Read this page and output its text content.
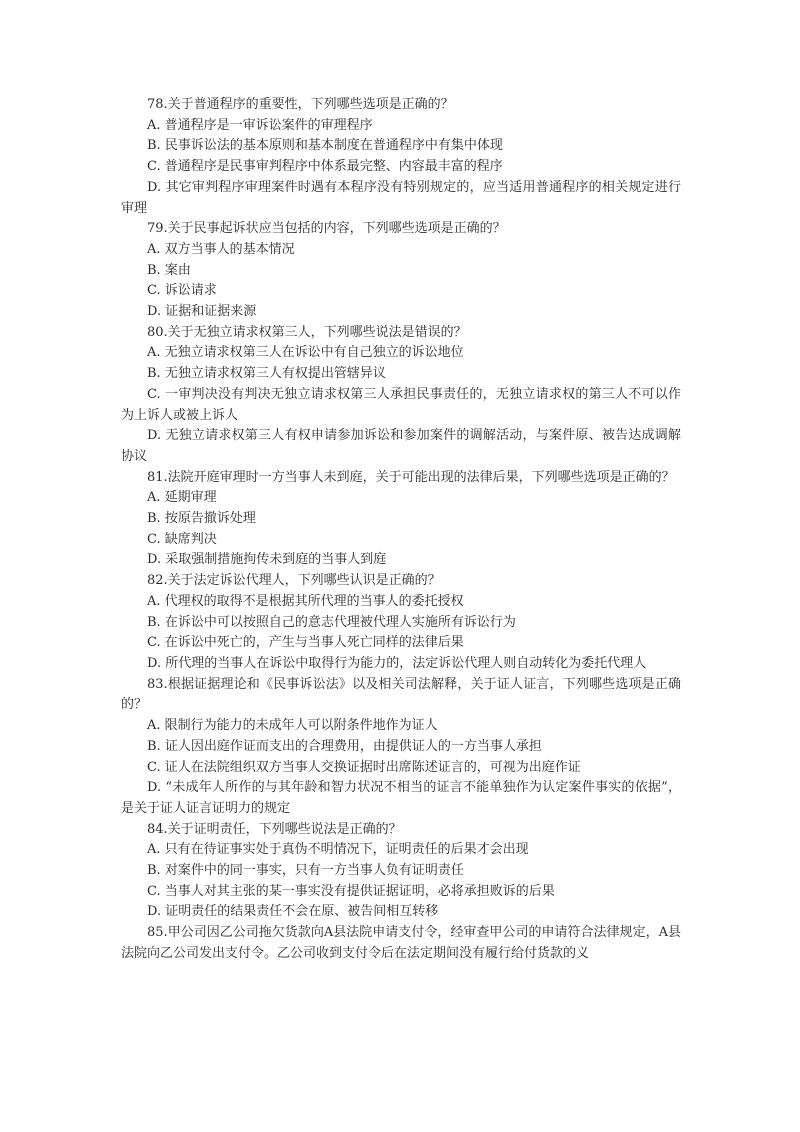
78.关于普通程序的重要性，下列哪些选项是正确的？

A. 普通程序是一审诉讼案件的审理程序

B. 民事诉讼法的基本原则和基本制度在普通程序中有集中体现

C. 普通程序是民事审判程序中体系最完整、内容最丰富的程序

D. 其它审判程序审理案件时遇有本程序没有特别规定的，应当适用普通程序的相关规定进行审理

79.关于民事起诉状应当包括的内容，下列哪些选项是正确的？

A. 双方当事人的基本情况

B. 案由

C. 诉讼请求

D. 证据和证据来源

80.关于无独立请求权第三人，下列哪些说法是错误的？

A. 无独立请求权第三人在诉讼中有自己独立的诉讼地位

B. 无独立请求权第三人有权提出管辖异议

C. 一审判决没有判决无独立请求权第三人承担民事责任的，无独立请求权的第三人不可以作为上诉人或被上诉人

D. 无独立请求权第三人有权申请参加诉讼和参加案件的调解活动，与案件原、被告达成调解协议

81.法院开庭审理时一方当事人未到庭，关于可能出现的法律后果，下列哪些选项是正确的？

A. 延期审理

B. 按原告撤诉处理

C. 缺席判决

D. 采取强制措施拘传未到庭的当事人到庭

82.关于法定诉讼代理人，下列哪些认识是正确的？

A. 代理权的取得不是根据其所代理的当事人的委托授权

B. 在诉讼中可以按照自己的意志代理被代理人实施所有诉讼行为

C. 在诉讼中死亡的，产生与当事人死亡同样的法律后果

D. 所代理的当事人在诉讼中取得行为能力的，法定诉讼代理人则自动转化为委托代理人

83.根据证据理论和《民事诉讼法》以及相关司法解释，关于证人证言，下列哪些选项是正确的？

A. 限制行为能力的未成年人可以附条件地作为证人

B. 证人因出庭作证而支出的合理费用，由提供证人的一方当事人承担

C. 证人在法院组织双方当事人交换证据时出席陈述证言的，可视为出庭作证

D. “未成年人所作的与其年龄和智力状况不相当的证言不能单独作为认定案件事实的依据”，是关于证人证言证明力的规定

84.关于证明责任，下列哪些说法是正确的？

A. 只有在待证事实处于真伪不明情况下，证明责任的后果才会出现

B. 对案件中的同一事实，只有一方当事人负有证明责任

C. 当事人对其主张的某一事实没有提供证据证明，必将承担败诉的后果

D. 证明责任的结果责任不会在原、被告间相互转移

85.甲公司因乙公司拖欠货款向A县法院申请支付令，经审查甲公司的申请符合法律规定，A县法院向乙公司发出支付令。乙公司收到支付令后在法定期间没有履行给付货款的义
